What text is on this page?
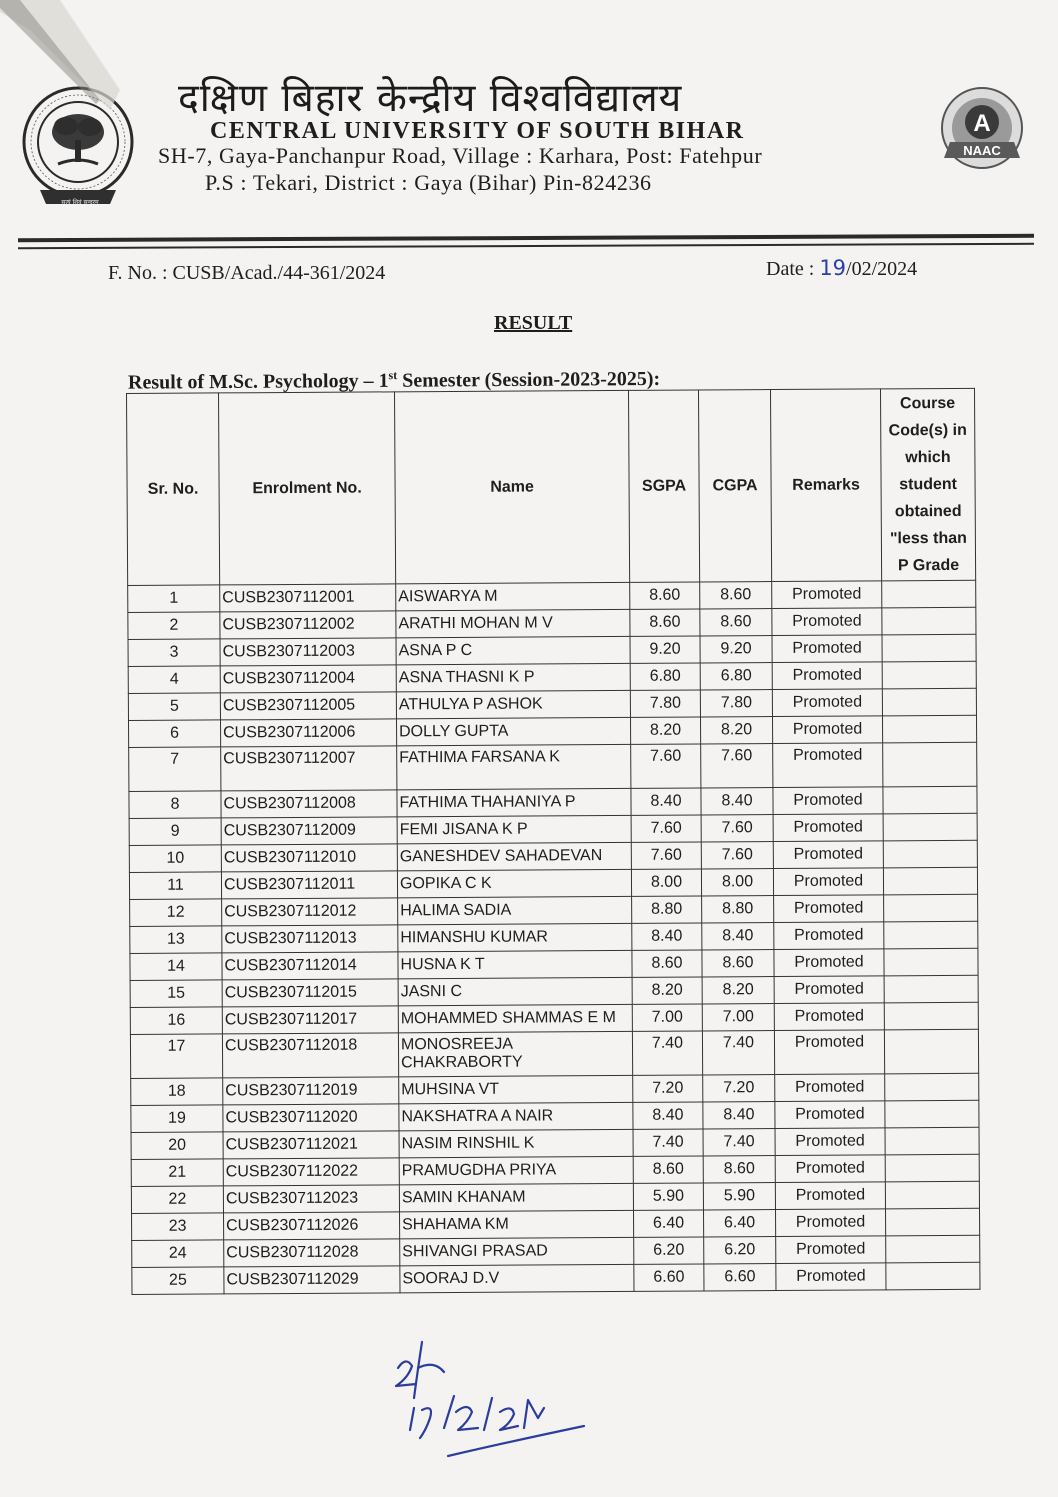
सत्यं शिवं सुन्दरम्
दक्षिण बिहार केन्द्रीय विश्वविद्यालय
CENTRAL UNIVERSITY OF SOUTH BIHAR
SH-7, Gaya-Panchanpur Road, Village : Karhara, Post: Fatehpur
P.S : Tekari, District : Gaya (Bihar) Pin-824236
A
NAAC
F. No. : CUSB/Acad./44-361/2024	Date : 19/02/2024
RESULT
Result of M.Sc. Psychology – 1st Semester (Session-2023-2025):
Sr. No.	Enrolment No.	Name	SGPA	CGPA	Remarks	Course Code(s) in which student obtained "less than P Grade
1	CUSB2307112001	AISWARYA M	8.60	8.60	Promoted	
2	CUSB2307112002	ARATHI MOHAN M V	8.60	8.60	Promoted	
3	CUSB2307112003	ASNA P C	9.20	9.20	Promoted	
4	CUSB2307112004	ASNA THASNI K P	6.80	6.80	Promoted	
5	CUSB2307112005	ATHULYA P ASHOK	7.80	7.80	Promoted	
6	CUSB2307112006	DOLLY GUPTA	8.20	8.20	Promoted	
7	CUSB2307112007	FATHIMA FARSANA K	7.60	7.60	Promoted	
8	CUSB2307112008	FATHIMA THAHANIYA P	8.40	8.40	Promoted	
9	CUSB2307112009	FEMI JISANA K P	7.60	7.60	Promoted	
10	CUSB2307112010	GANESHDEV SAHADEVAN	7.60	7.60	Promoted	
11	CUSB2307112011	GOPIKA C K	8.00	8.00	Promoted	
12	CUSB2307112012	HALIMA SADIA	8.80	8.80	Promoted	
13	CUSB2307112013	HIMANSHU KUMAR	8.40	8.40	Promoted	
14	CUSB2307112014	HUSNA K T	8.60	8.60	Promoted	
15	CUSB2307112015	JASNI C	8.20	8.20	Promoted	
16	CUSB2307112017	MOHAMMED SHAMMAS E M	7.00	7.00	Promoted	
17	CUSB2307112018	MONOSREEJA CHAKRABORTY	7.40	7.40	Promoted	
18	CUSB2307112019	MUHSINA VT	7.20	7.20	Promoted	
19	CUSB2307112020	NAKSHATRA A NAIR	8.40	8.40	Promoted	
20	CUSB2307112021	NASIM RINSHIL K	7.40	7.40	Promoted	
21	CUSB2307112022	PRAMUGDHA PRIYA	8.60	8.60	Promoted	
22	CUSB2307112023	SAMIN KHANAM	5.90	5.90	Promoted	
23	CUSB2307112026	SHAHAMA KM	6.40	6.40	Promoted	
24	CUSB2307112028	SHIVANGI PRASAD	6.20	6.20	Promoted	
25	CUSB2307112029	SOORAJ D.V	6.60	6.60	Promoted	
